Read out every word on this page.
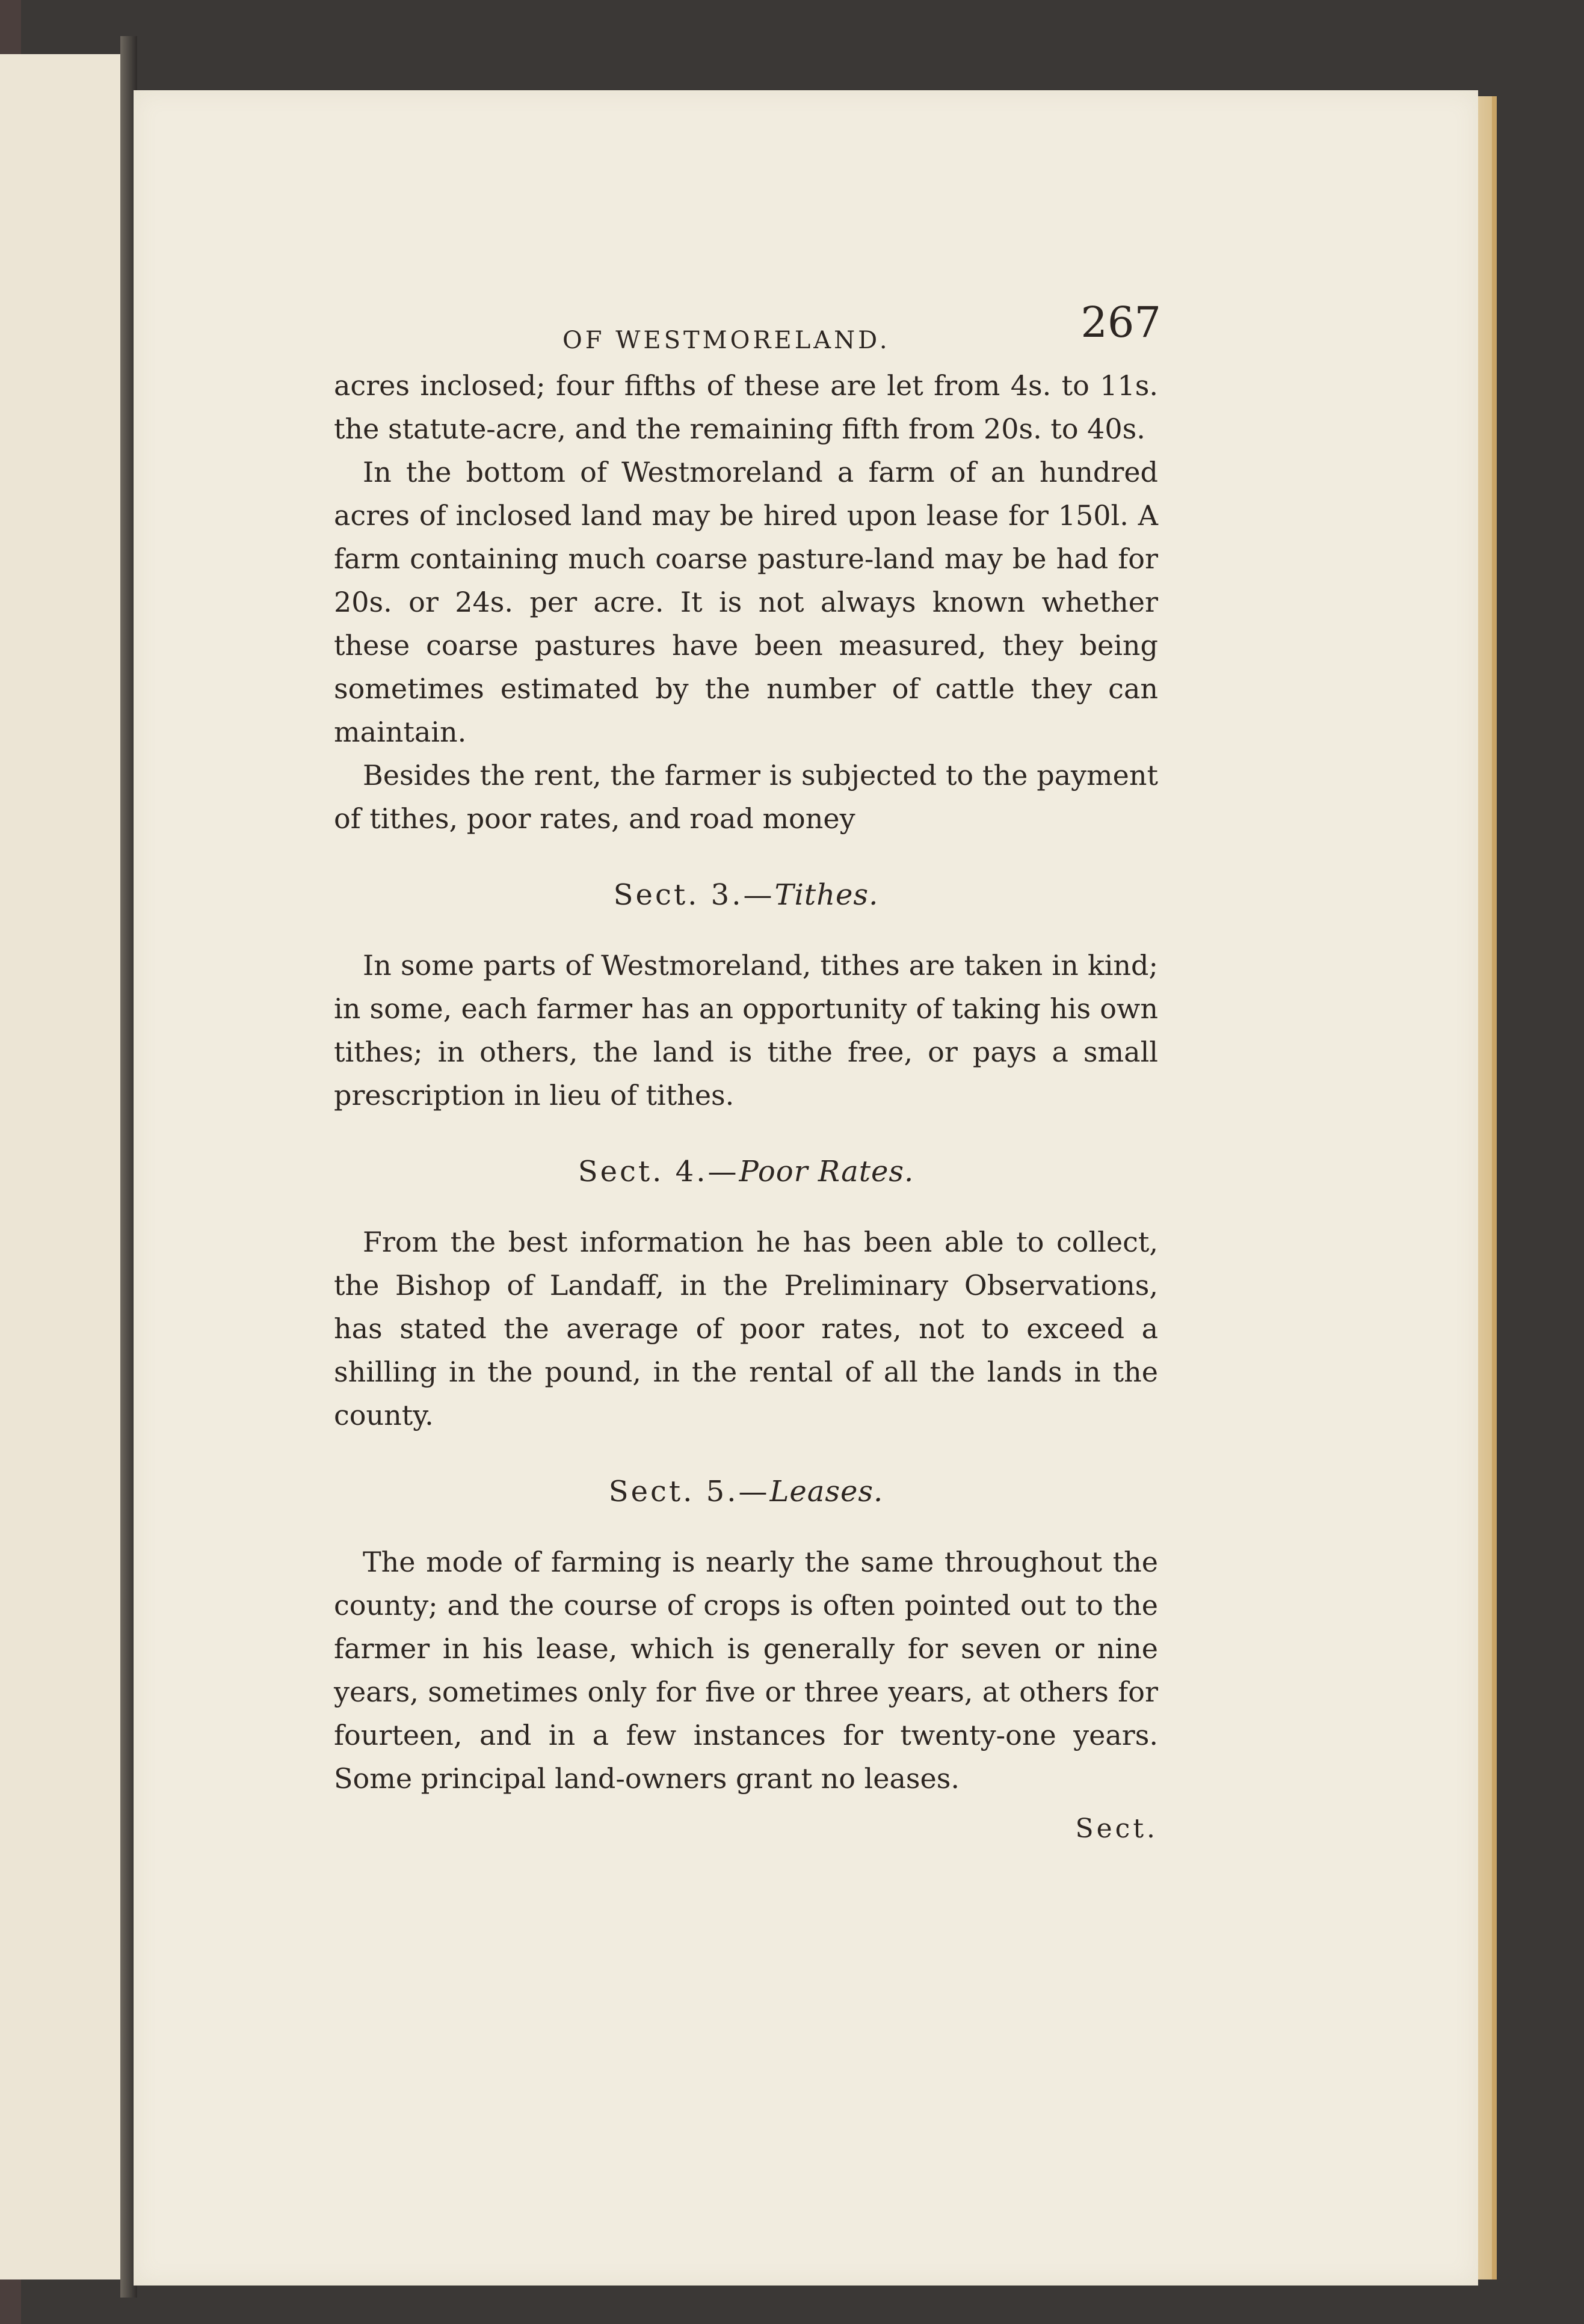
OF WESTMORELAND.	267

acres inclosed; four fifths of these are let from 4s. to 11s. the statute-acre, and the remaining fifth from 20s. to 40s.

In the bottom of Westmoreland a farm of an hundred acres of inclosed land may be hired upon lease for 150l. A farm containing much coarse pasture-land may be had for 20s. or 24s. per acre. It is not always known whether these coarse pastures have been measured, they being sometimes estimated by the number of cattle they can maintain.

Besides the rent, the farmer is subjected to the payment of tithes, poor rates, and road money

Sect. 3.—Tithes.

In some parts of Westmoreland, tithes are taken in kind; in some, each farmer has an opportunity of taking his own tithes; in others, the land is tithe free, or pays a small prescription in lieu of tithes.

Sect. 4.—Poor Rates.

From the best information he has been able to collect, the Bishop of Landaff, in the Preliminary Observations, has stated the average of poor rates, not to exceed a shilling in the pound, in the rental of all the lands in the county.

Sect. 5.—Leases.

The mode of farming is nearly the same throughout the county; and the course of crops is often pointed out to the farmer in his lease, which is generally for seven or nine years, sometimes only for five or three years, at others for fourteen, and in a few instances for twenty-one years. Some principal land-owners grant no leases.

Sect.
